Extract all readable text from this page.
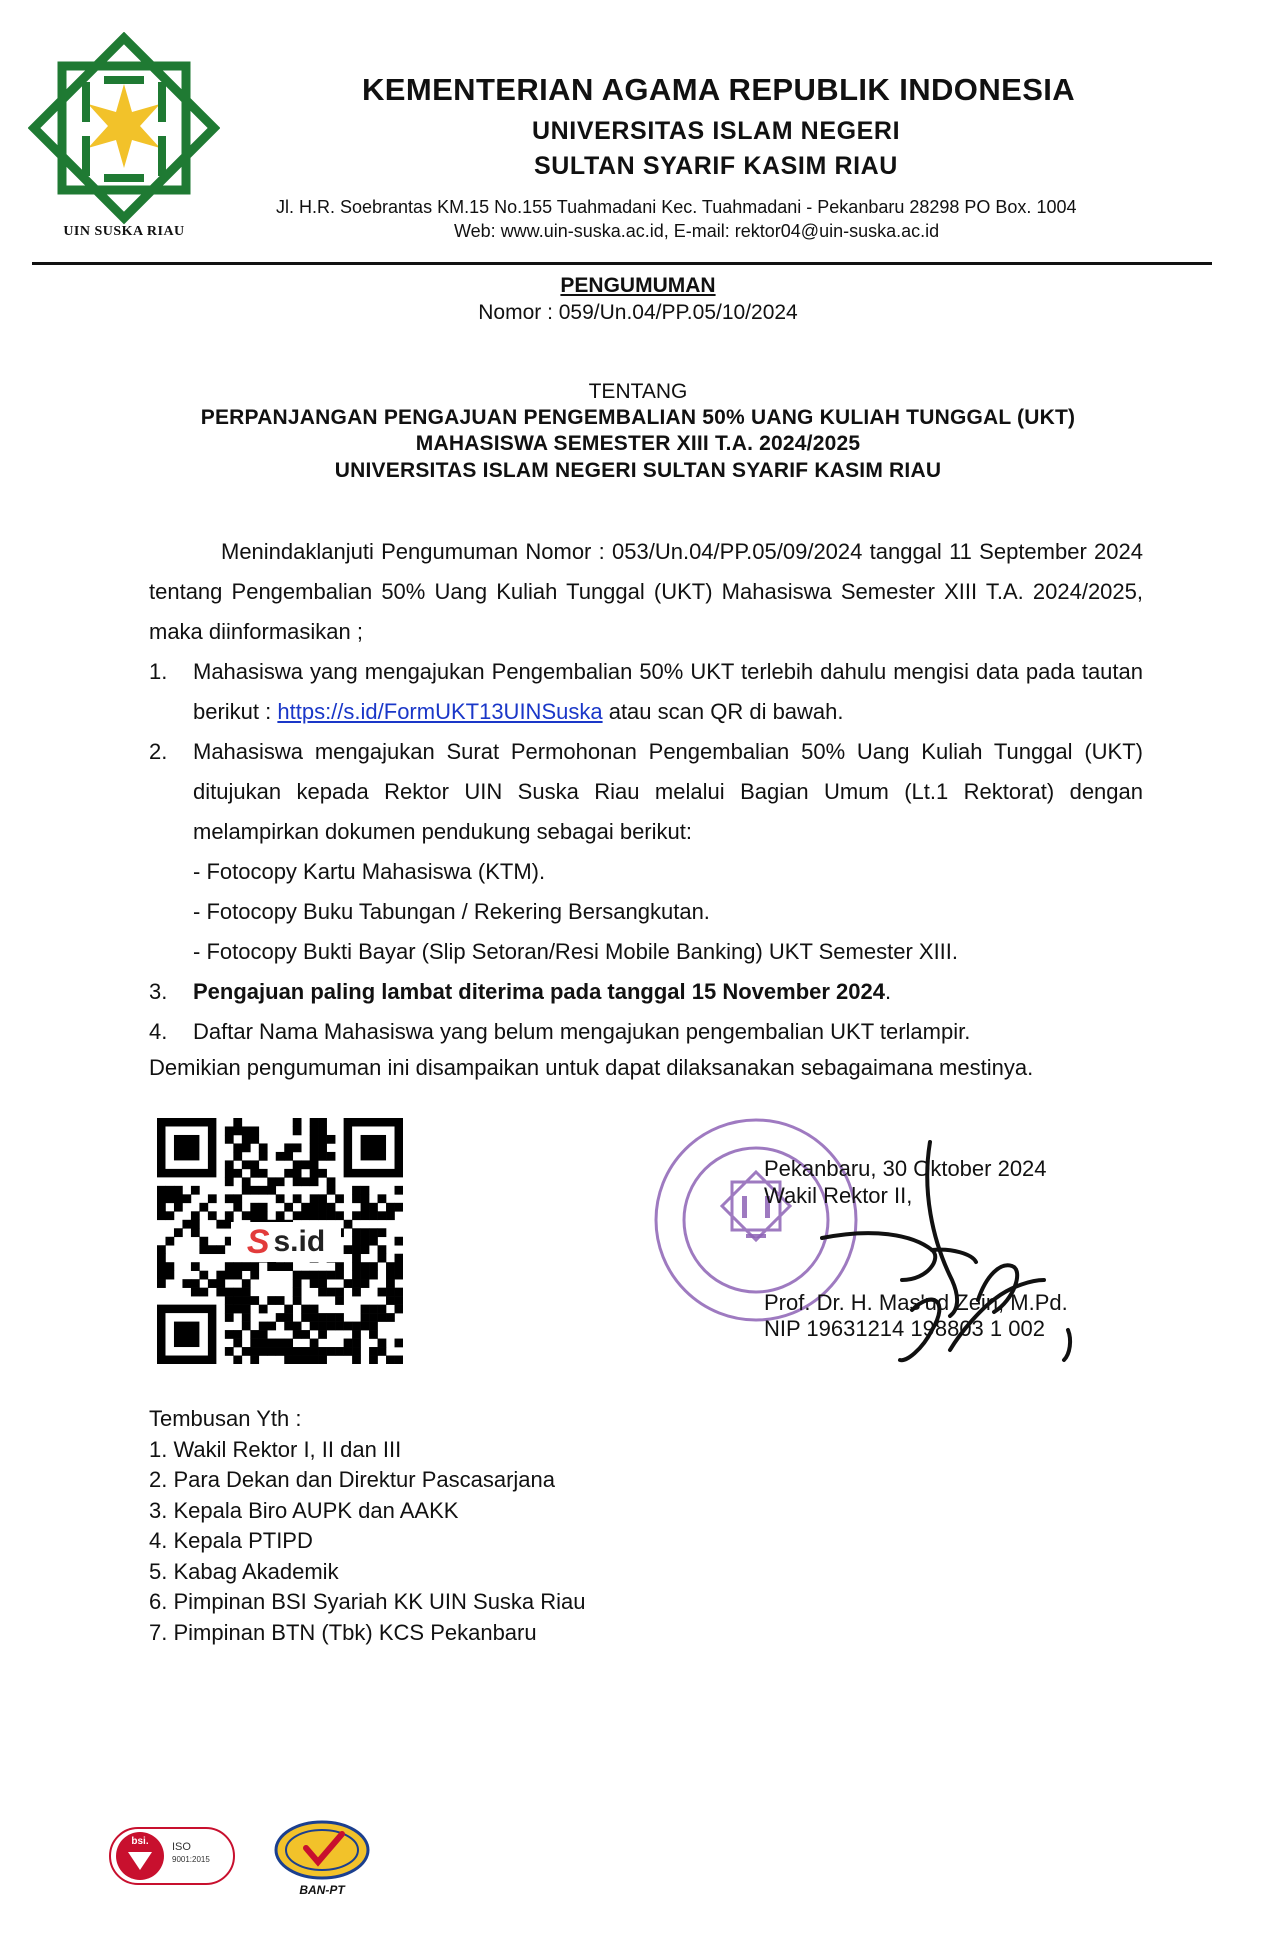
UIN SUSKA RIAU
KEMENTERIAN AGAMA REPUBLIK INDONESIA
UNIVERSITAS ISLAM NEGERI
SULTAN SYARIF KASIM RIAU
Jl. H.R. Soebrantas KM.15 No.155 Tuahmadani Kec. Tuahmadani - Pekanbaru 28298 PO Box. 1004
Web: www.uin-suska.ac.id, E-mail: rektor04@uin-suska.ac.id
PENGUMUMAN
Nomor : 059/Un.04/PP.05/10/2024
TENTANG
PERPANJANGAN PENGAJUAN PENGEMBALIAN 50% UANG KULIAH TUNGGAL (UKT)
MAHASISWA SEMESTER XIII T.A. 2024/2025
UNIVERSITAS ISLAM NEGERI SULTAN SYARIF KASIM RIAU

Menindaklanjuti Pengumuman Nomor : 053/Un.04/PP.05/09/2024 tanggal 11 September 2024 tentang Pengembalian 50% Uang Kuliah Tunggal (UKT) Mahasiswa Semester XIII T.A. 2024/2025, maka diinformasikan ;

1. Mahasiswa yang mengajukan Pengembalian 50% UKT terlebih dahulu mengisi data pada tautan berikut : https://s.id/FormUKT13UINSuska atau scan QR di bawah.
2. Mahasiswa mengajukan Surat Permohonan Pengembalian 50% Uang Kuliah Tunggal (UKT) ditujukan kepada Rektor UIN Suska Riau melalui Bagian Umum (Lt.1 Rektorat) dengan melampirkan dokumen pendukung sebagai berikut:
- Fotocopy Kartu Mahasiswa (KTM).
- Fotocopy Buku Tabungan / Rekering Bersangkutan.
- Fotocopy Bukti Bayar (Slip Setoran/Resi Mobile Banking) UKT Semester XIII.
3. Pengajuan paling lambat diterima pada tanggal 15 November 2024.
4. Daftar Nama Mahasiswa yang belum mengajukan pengembalian UKT terlampir.
Demikian pengumuman ini disampaikan untuk dapat dilaksanakan sebagaimana mestinya.
S s.id
Pekanbaru, 30 Oktober 2024
Wakil Rektor II,
Prof. Dr. H. Mas'ud Zein, M.Pd.
NIP 19631214 198803 1 002
Tembusan Yth :
1. Wakil Rektor I, II dan III
2. Para Dekan dan Direktur Pascasarjana
3. Kepala Biro AUPK dan AAKK
4. Kepala PTIPD
5. Kabag Akademik
6. Pimpinan BSI Syariah KK UIN Suska Riau
7. Pimpinan BTN (Tbk) KCS Pekanbaru
bsi. ISO
9001:2015
BAN-PT
